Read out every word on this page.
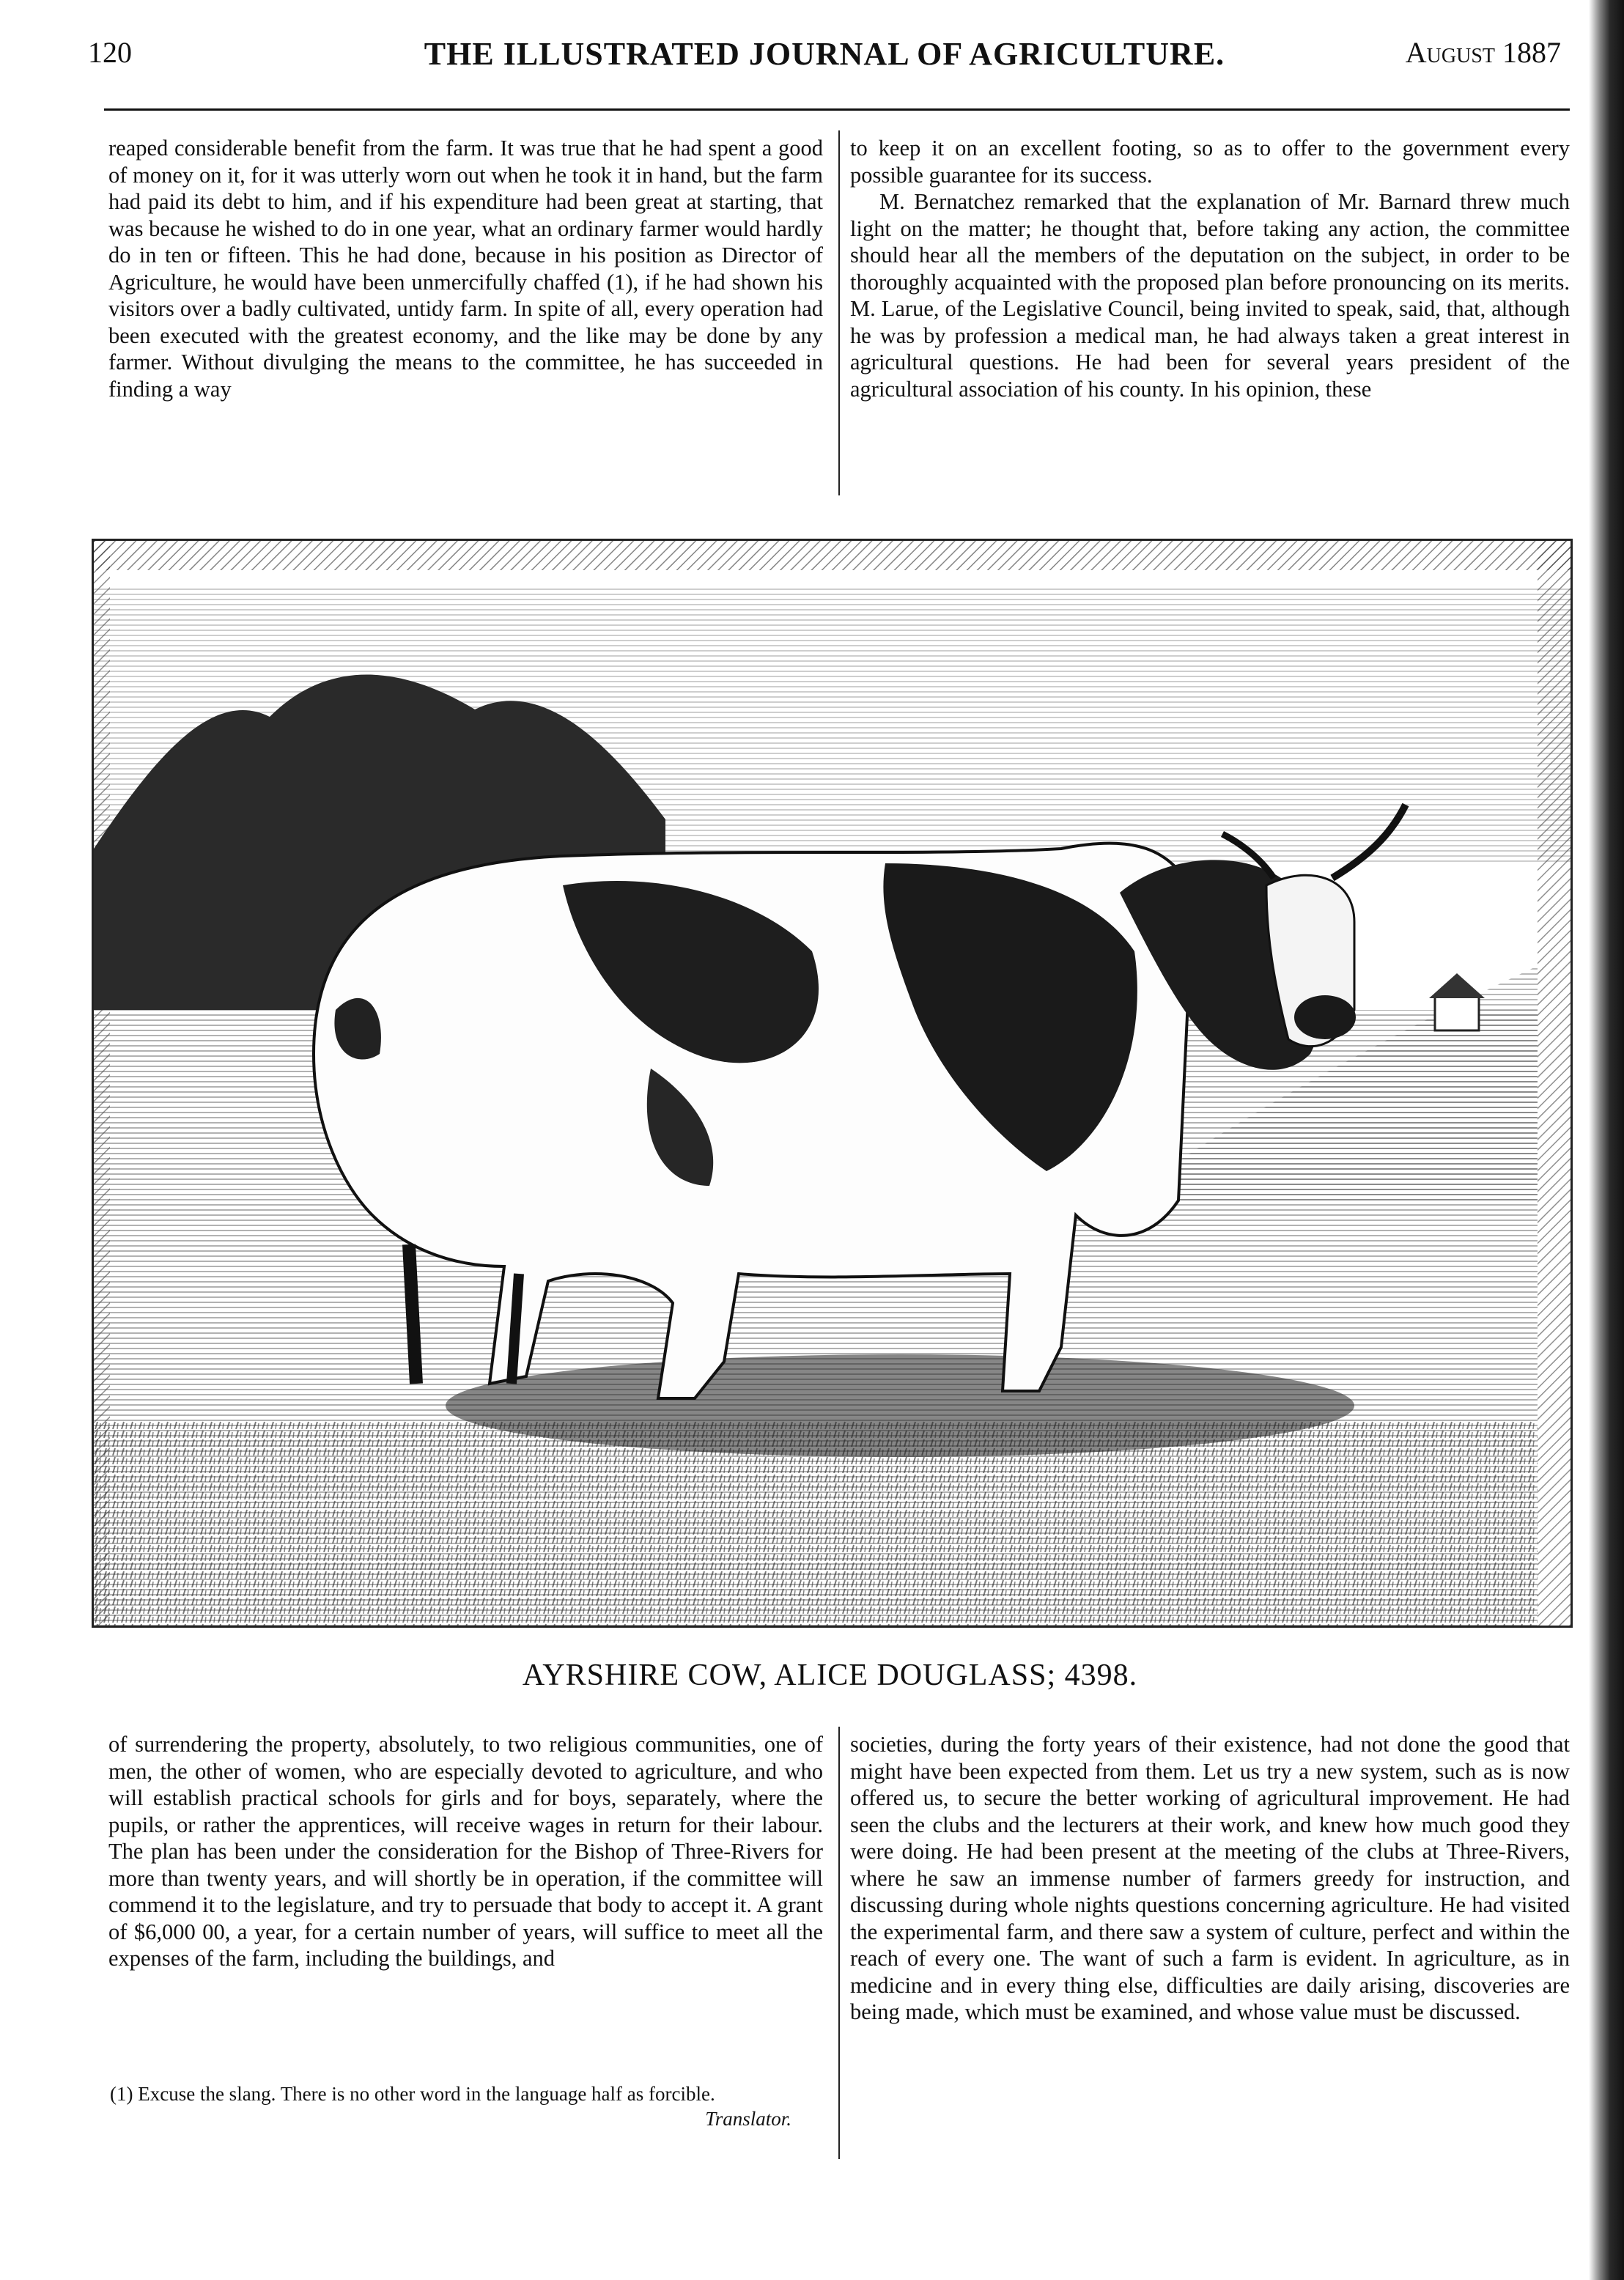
120	THE ILLUSTRATED JOURNAL OF AGRICULTURE.	August 1887

reaped considerable benefit from the farm. It was true that he had spent a good of money on it, for it was utterly worn out when he took it in hand, but the farm had paid its debt to him, and if his expenditure had been great at starting, that was because he wished to do in one year, what an ordinary farmer would hardly do in ten or fifteen. This he had done, because in his position as Director of Agriculture, he would have been unmercifully chaffed (1), if he had shown his visitors over a badly cultivated, untidy farm. In spite of all, every operation had been executed with the greatest economy, and the like may be done by any farmer. Without divulging the means to the committee, he has succeeded in finding a way

to keep it on an excellent footing, so as to offer to the government every possible guarantee for its success.

M. Bernatchez remarked that the explanation of Mr. Barnard threw much light on the matter; he thought that, before taking any action, the committee should hear all the members of the deputation on the subject, in order to be thoroughly acquainted with the proposed plan before pronouncing on its merits. M. Larue, of the Legislative Council, being invited to speak, said, that, although he was by profession a medical man, he had always taken a great interest in agricultural questions. He had been for several years president of the agricultural association of his county. In his opinion, these

AYRSHIRE COW, ALICE DOUGLASS; 4398.

of surrendering the property, absolutely, to two religious communities, one of men, the other of women, who are especially devoted to agriculture, and who will establish practical schools for girls and for boys, separately, where the pupils, or rather the apprentices, will receive wages in return for their labour. The plan has been under the consideration for the Bishop of Three-Rivers for more than twenty years, and will shortly be in operation, if the committee will commend it to the legislature, and try to persuade that body to accept it. A grant of $6,000 00, a year, for a certain number of years, will suffice to meet all the expenses of the farm, including the buildings, and

societies, during the forty years of their existence, had not done the good that might have been expected from them. Let us try a new system, such as is now offered us, to secure the better working of agricultural improvement. He had seen the clubs and the lecturers at their work, and knew how much good they were doing. He had been present at the meeting of the clubs at Three-Rivers, where he saw an immense number of farmers greedy for instruction, and discussing during whole nights questions concerning agriculture. He had visited the experimental farm, and there saw a system of culture, perfect and within the reach of every one. The want of such a farm is evident. In agriculture, as in medicine and in every thing else, difficulties are daily arising, discoveries are being made, which must be examined, and whose value must be discussed.

(1) Excuse the slang. There is no other word in the language half as forcible.
Translator.
